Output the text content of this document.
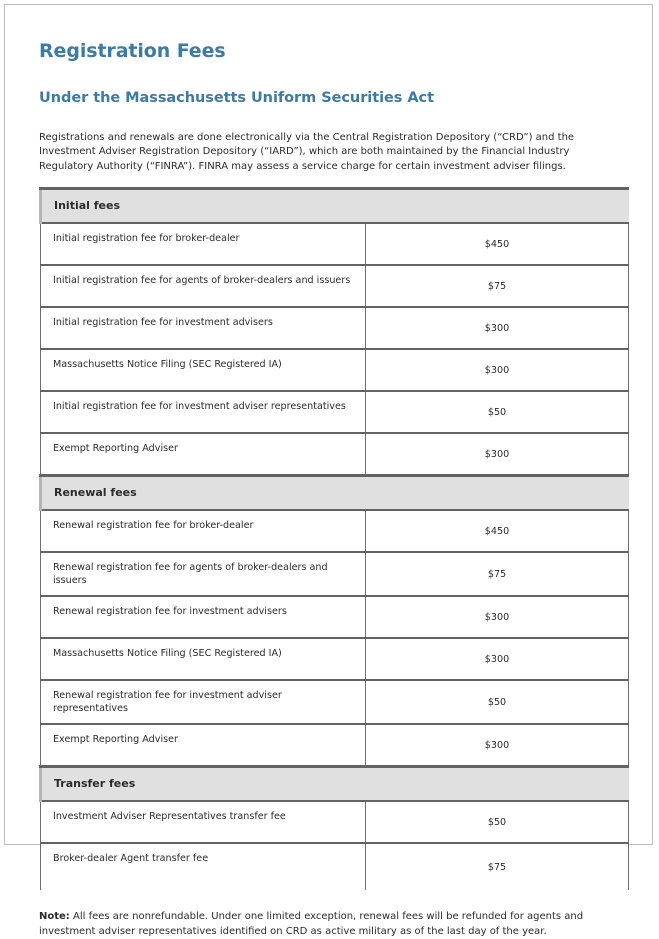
Registration Fees
Under the Massachusetts Uniform Securities Act

Registrations and renewals are done electronically via the Central Registration Depository (“CRD”) and the Investment Adviser Registration Depository (“IARD”), which are both maintained by the Financial Industry Regulatory Authority (“FINRA”). FINRA may assess a service charge for certain investment adviser filings.

Initial fees	
Initial registration fee for broker-dealer	$450
Initial registration fee for agents of broker-dealers and issuers	$75
Initial registration fee for investment advisers	$300
Massachusetts Notice Filing (SEC Registered IA)	$300
Initial registration fee for investment adviser representatives	$50
Exempt Reporting Adviser	$300
Renewal fees	
Renewal registration fee for broker-dealer	$450
Renewal registration fee for agents of broker-dealers and issuers	$75
Renewal registration fee for investment advisers	$300
Massachusetts Notice Filing (SEC Registered IA)	$300
Renewal registration fee for investment adviser representatives	$50
Exempt Reporting Adviser	$300
Transfer fees	
Investment Adviser Representatives transfer fee	$50
Broker-dealer Agent transfer fee	$75

Note: All fees are nonrefundable. Under one limited exception, renewal fees will be refunded for agents and investment adviser representatives identified on CRD as active military as of the last day of the year.
